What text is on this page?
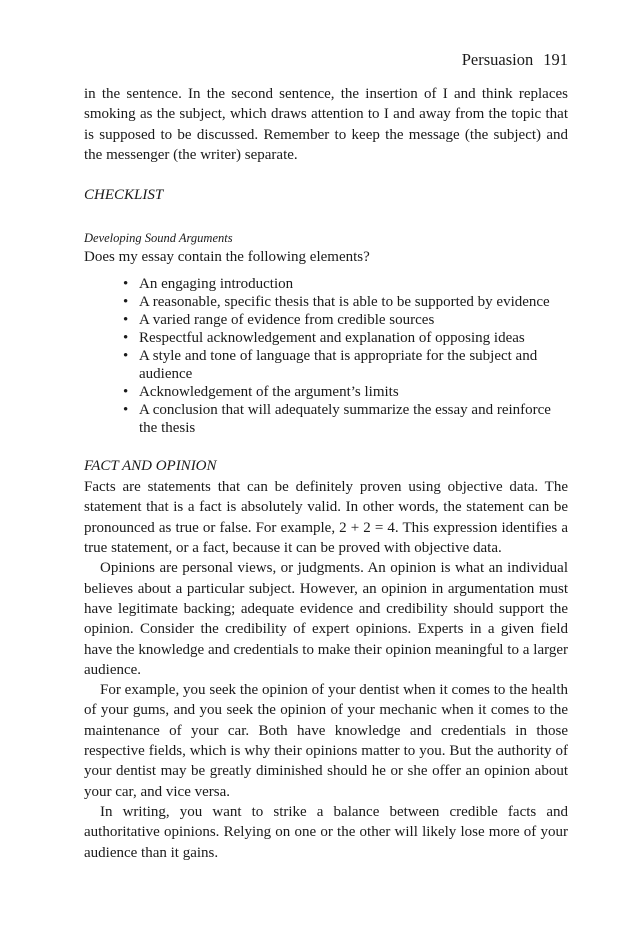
Persuasion 191

in the sentence. In the second sentence, the insertion of I and think replaces smoking as the subject, which draws attention to I and away from the topic that is supposed to be discussed. Remember to keep the message (the subject) and the messenger (the writer) separate.

CHECKLIST
Developing Sound Arguments
Does my essay contain the following elements?
• An engaging introduction
• A reasonable, specific thesis that is able to be supported by evidence
• A varied range of evidence from credible sources
• Respectful acknowledgement and explanation of opposing ideas
• A style and tone of language that is appropriate for the subject and audience
• Acknowledgement of the argument’s limits
• A conclusion that will adequately summarize the essay and reinforce the thesis
FACT AND OPINION

Facts are statements that can be definitely proven using objective data. The statement that is a fact is absolutely valid. In other words, the statement can be pronounced as true or false. For example, 2 + 2 = 4. This expression identifies a true statement, or a fact, because it can be proved with objective data.

Opinions are personal views, or judgments. An opinion is what an individual believes about a particular subject. However, an opinion in argumentation must have legitimate backing; adequate evidence and credibility should support the opinion. Consider the credibility of expert opinions. Experts in a given field have the knowledge and credentials to make their opinion meaningful to a larger audience.

For example, you seek the opinion of your dentist when it comes to the health of your gums, and you seek the opinion of your mechanic when it comes to the maintenance of your car. Both have knowledge and credentials in those respective fields, which is why their opinions matter to you. But the authority of your dentist may be greatly diminished should he or she offer an opinion about your car, and vice versa.

In writing, you want to strike a balance between credible facts and authoritative opinions. Relying on one or the other will likely lose more of your audience than it gains.
